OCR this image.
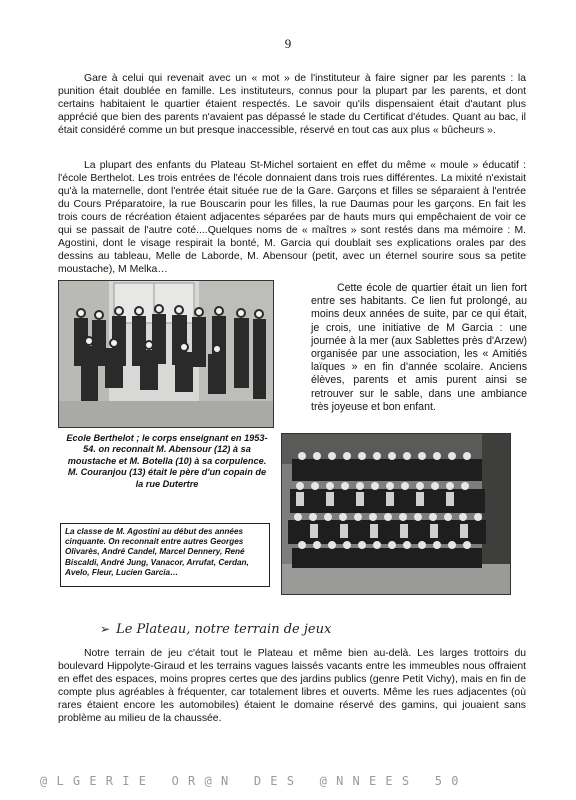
9

Gare à celui qui revenait avec un « mot » de l'instituteur à faire signer par les parents : la punition était doublée en famille. Les instituteurs, connus pour la plupart par les parents, et dont certains habitaient le quartier étaient respectés. Le savoir qu'ils dispensaient était d'autant plus apprécié que bien des parents n'avaient pas dépassé le stade du Certificat d'études. Quant au bac, il était considéré comme un but presque inaccessible, réservé en tout cas aux plus « bûcheurs ».

La plupart des enfants du Plateau St-Michel sortaient en effet du même « moule » éducatif : l'école Berthelot. Les trois entrées de l'école donnaient dans trois rues différentes. La mixité n'existait qu'à la maternelle, dont l'entrée était située rue de la Gare. Garçons et filles se séparaient à l'entrée du Cours Préparatoire, la rue Bouscarin pour les filles, la rue Daumas pour les garçons. En fait les trois cours de récréation étaient adjacentes séparées par de hauts murs qui empêchaient de voir ce qui se passait de l'autre coté....Quelques noms de « maîtres » sont restés dans ma mémoire : M. Agostini, dont le visage respirait la bonté, M. Garcia qui doublait ses explications orales par des dessins au tableau, Melle de Laborde, M. Abensour (petit, avec un éternel sourire sous sa petite moustache), M Melka…

Cette école de quartier était un lien fort entre ses habitants. Ce lien fut prolongé, au moins deux années de suite, par ce qui était, je crois, une initiative de M Garcia : une journée à la mer (aux Sablettes près d'Arzew) organisée par une association, les « Amitiés laïques » en fin d'année scolaire. Anciens élèves, parents et amis purent ainsi se retrouver sur le sable, dans une ambiance très joyeuse et bon enfant.

Ecole Berthelot ; le corps enseignant en 1953-54. on reconnait M. Abensour (12) à sa moustache et M. Botella (10) à sa corpulence. M. Couranjou (13) était le père d'un copain de la rue Dutertre

La classe de M. Agostini au début des années cinquante. On reconnait entre autres Georges Olivarès, André Candel, Marcel Dennery, René Biscaldi, André Jung, Vanacor, Arrufat, Cerdan, Avelo, Fleur, Lucien Garcia…

➢ Le Plateau, notre terrain de jeux

Notre terrain de jeu c'était tout le Plateau et même bien au-delà. Les larges trottoirs du boulevard Hippolyte-Giraud et les terrains vagues laissés vacants entre les immeubles nous offraient en effet des espaces, moins propres certes que des jardins publics (genre Petit Vichy), mais en fin de compte plus agréables à fréquenter, car totalement libres et ouverts. Même les rues adjacentes (où rares étaient encore les automobiles) étaient le domaine réservé des gamins, qui jouaient sans problème au milieu de la chaussée.

@ L G E R I E   O R @ N   D E S   @ N N E E S   5 0
